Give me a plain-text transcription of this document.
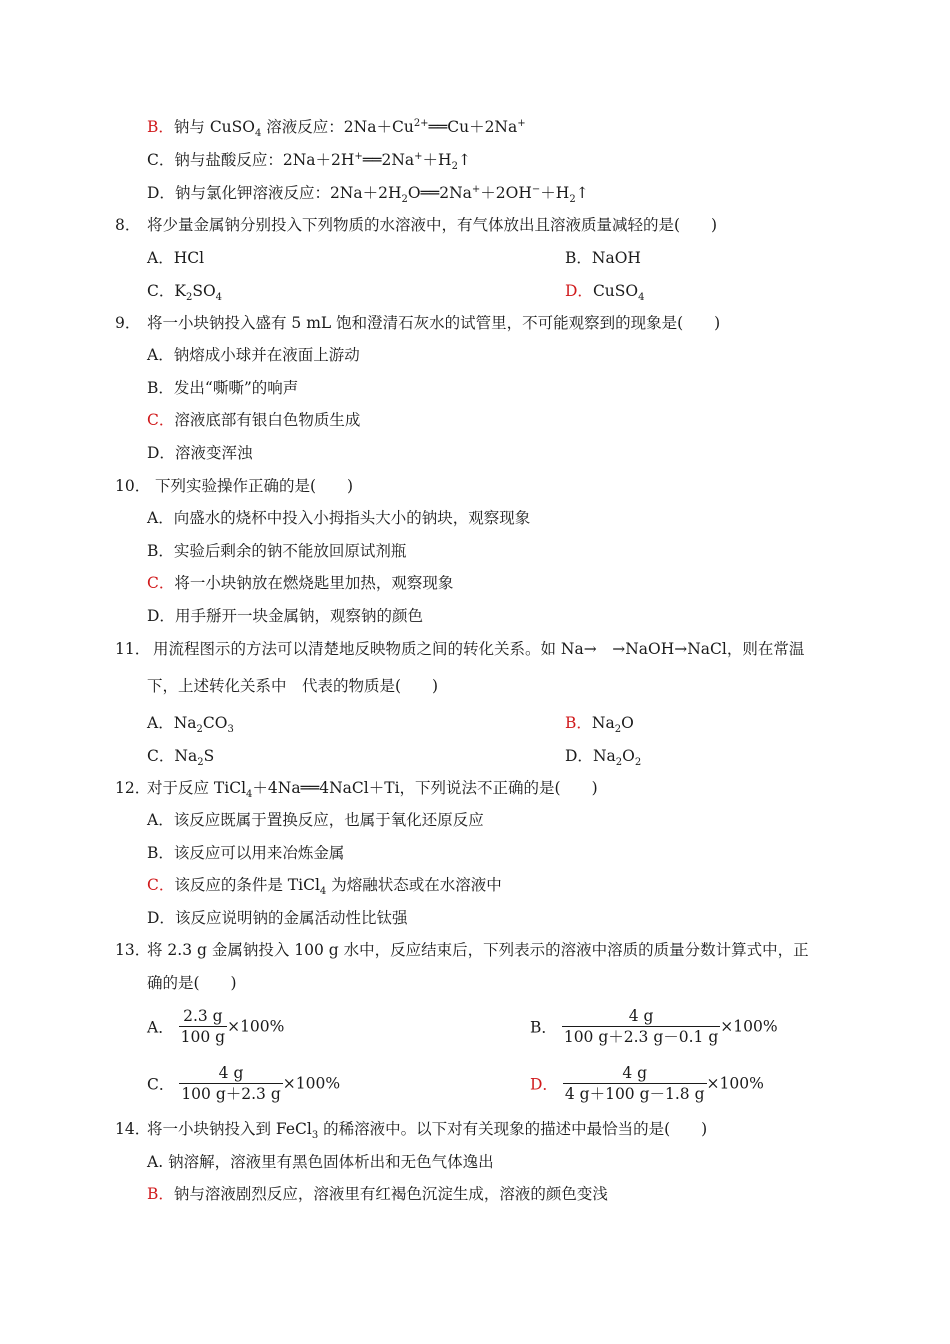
B．钠与 CuSO$_4$ 溶液反应：$2Na+Cu^{2+}══Cu+2Na^+$
C．钠与盐酸反应：$2Na+2H^+══2Na^++H_2↑$
D．钠与氯化钾溶液反应：$2Na+2H_2O══2Na^++2OH^-+H_2↑$
8． 将少量金属钠分别投入下列物质的水溶液中，有气体放出且溶液质量减轻的是(　　)
A．HCl	B．NaOH
C．$K_2SO_4$	D．CuSO$_4$
9． 将一小块钠投入盛有 5 mL 饱和澄清石灰水的试管里，不可能观察到的现象是(　　)
A．钠熔成小球并在液面上游动
B．发出“嘶嘶”的响声
C．溶液底部有银白色物质生成
D．溶液变浑浊
10． 下列实验操作正确的是(　　)
A．向盛水的烧杯中投入小拇指头大小的钠块，观察现象
B．实验后剩余的钠不能放回原试剂瓶
C．将一小块钠放在燃烧匙里加热，观察现象
D．用手掰开一块金属钠，观察钠的颜色
11． 用流程图示的方法可以清楚地反映物质之间的转化关系。如 Na→　→NaOH→NaCl，则在常温
下，上述转化关系中　代表的物质是(　　)
A．$Na_2CO_3$	B．$Na_2O$
C．$Na_2S$	D．$Na_2O_2$
12．对于反应 TiCl$_4$＋4Na══4NaCl＋Ti，下列说法不正确的是(　　)
A．该反应既属于置换反应，也属于氧化还原反应
B．该反应可以用来冶炼金属
C．该反应的条件是 TiCl$_4$ 为熔融状态或在水溶液中
D．该反应说明钠的金属活动性比钛强
13．将 2.3 g 金属钠投入 100 g 水中，反应结束后，下列表示的溶液中溶质的质量分数计算式中，正
确的是(　　)
A． $\frac{2.3 g}{100 g} \times 100\%$	B． $\frac{4 g}{100 g+2.3 g-0.1 g} \times 100\%$
C． $\frac{4 g}{100 g+2.3 g} \times 100\%$	D． $\frac{4 g}{4 g+100 g-1.8 g} \times 100\%$
14．将一小块钠投入到 FeCl$_3$ 的稀溶液中。以下对有关现象的描述中最恰当的是(　　)
A. 钠溶解，溶液里有黑色固体析出和无色气体逸出
B．钠与溶液剧烈反应，溶液里有红褐色沉淀生成，溶液的颜色变浅
